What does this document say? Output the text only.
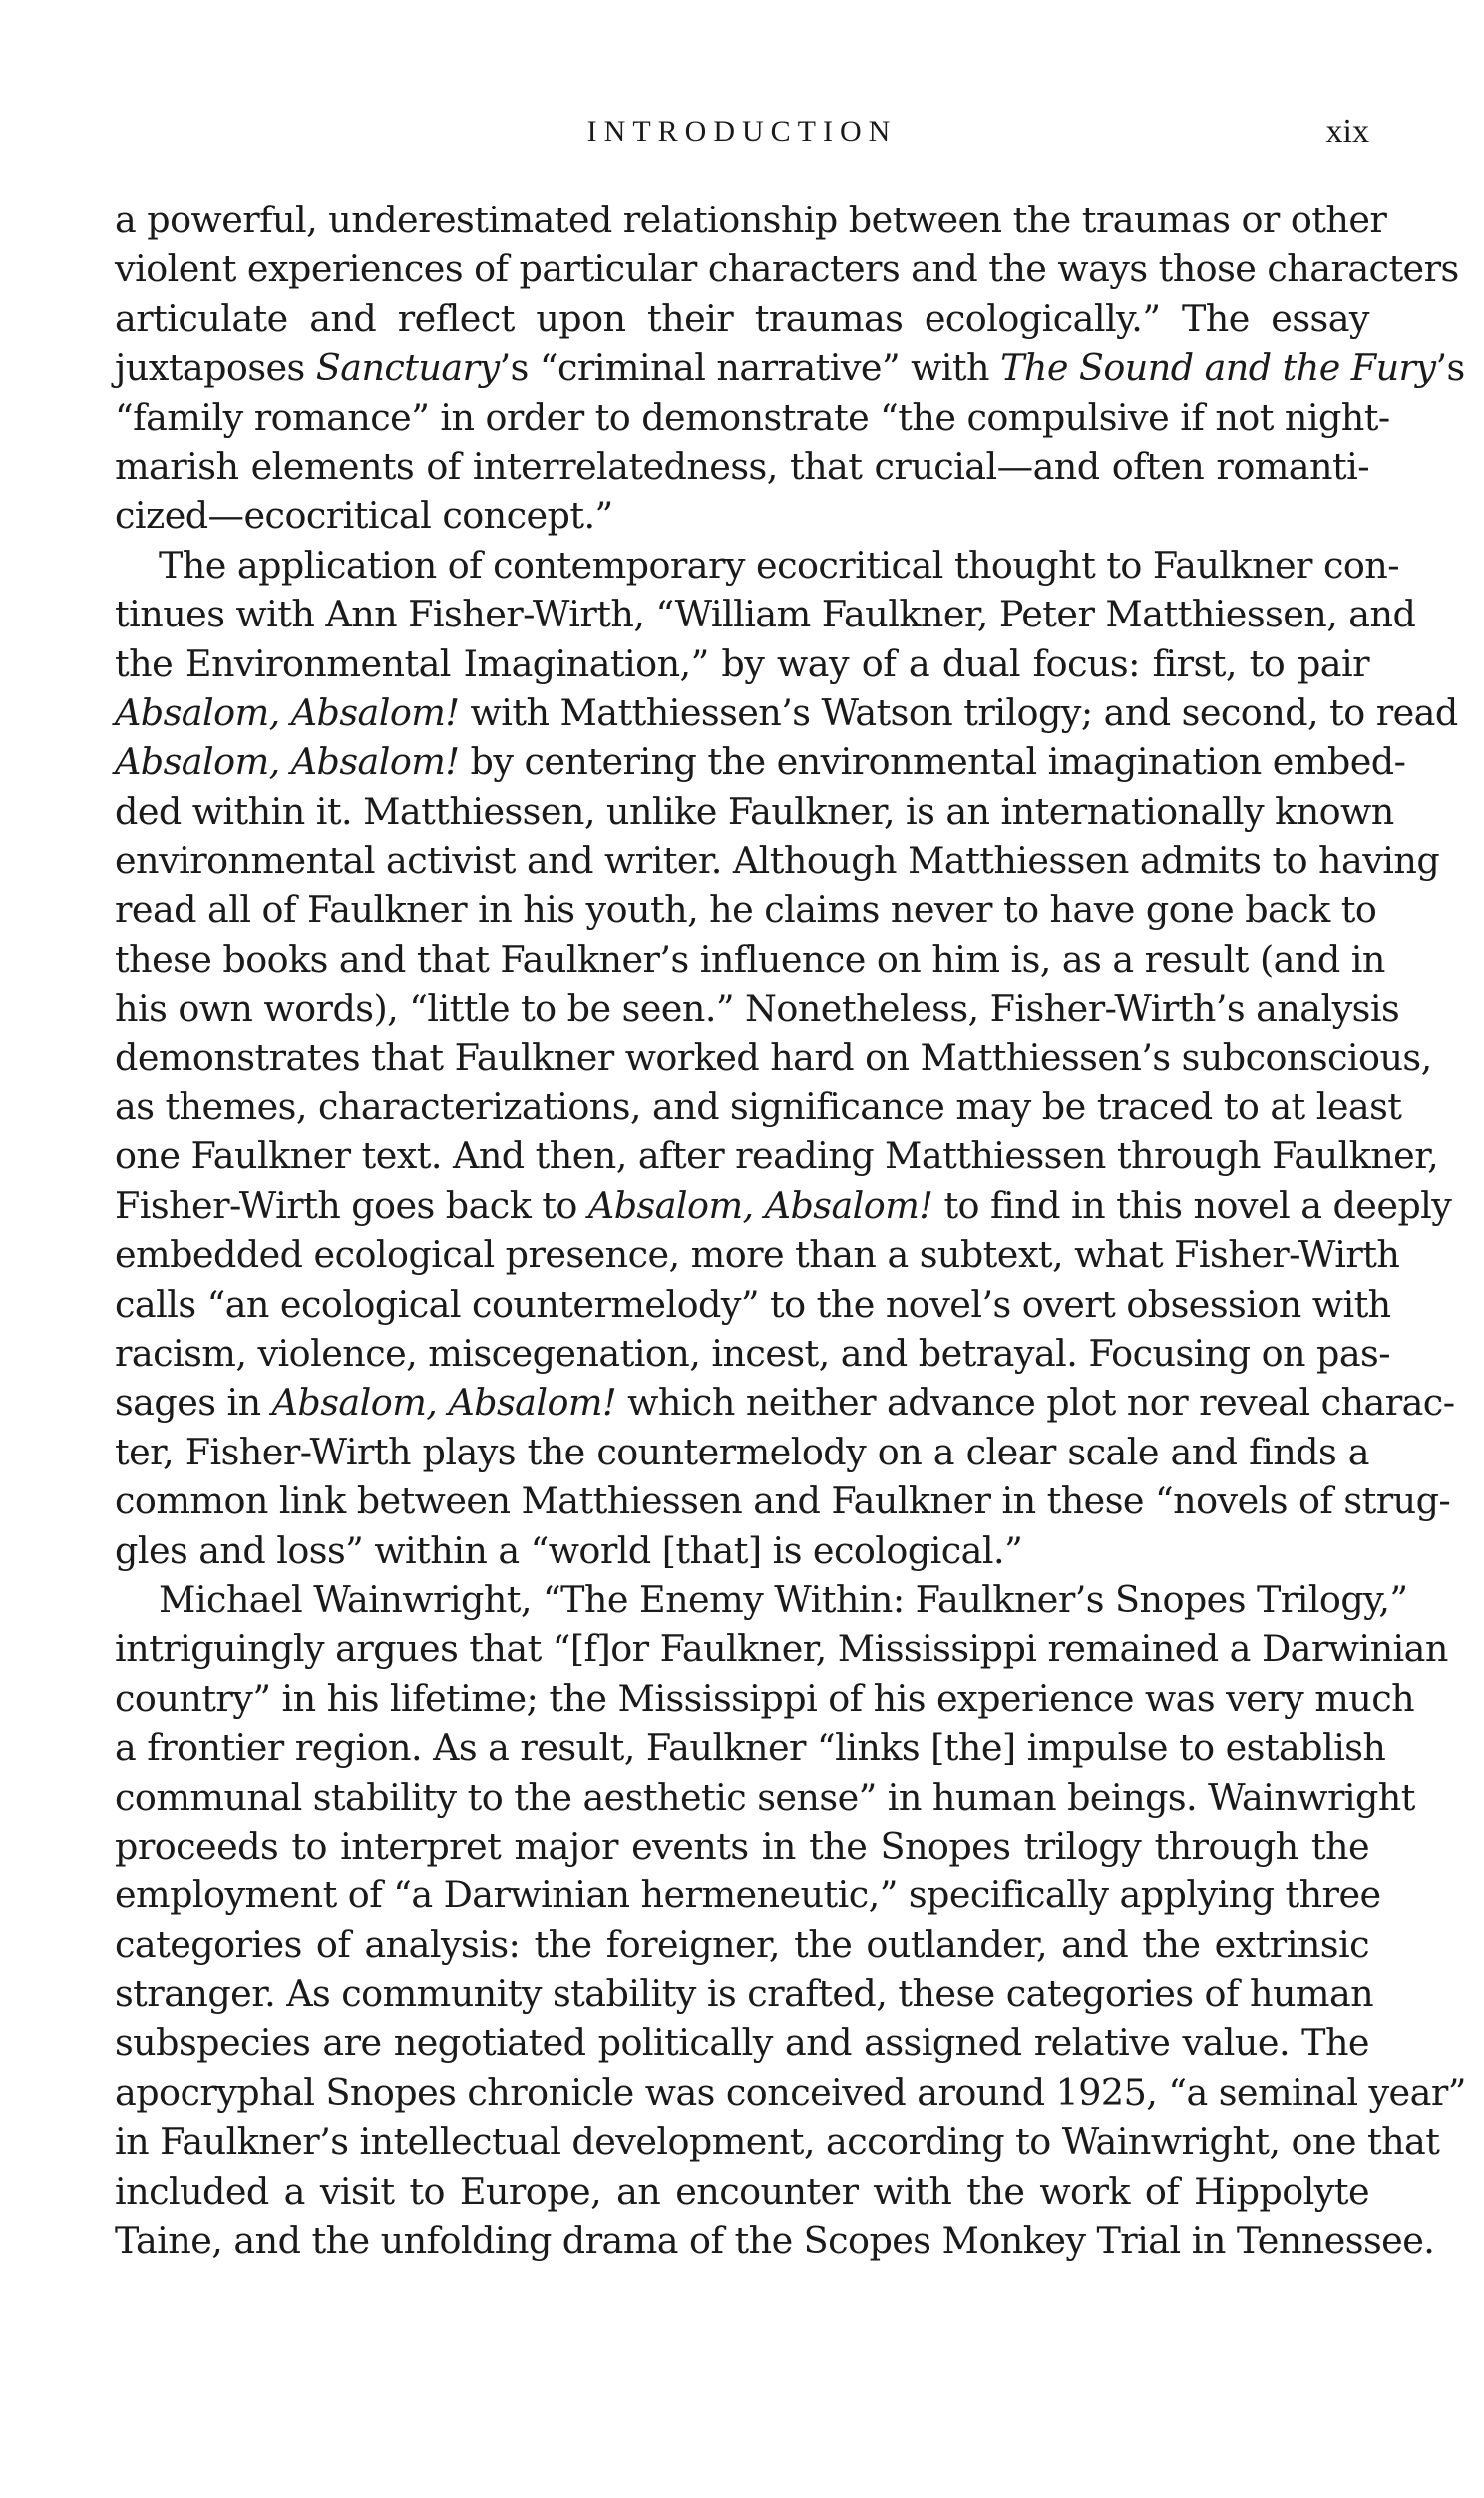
INTRODUCTION	xix
a powerful, underestimated relationship between the traumas or other
violent experiences of particular characters and the ways those characters
articulate and reflect upon their traumas ecologically.” The essay
juxtaposes Sanctuary’s “criminal narrative” with The Sound and the Fury’s
“family romance” in order to demonstrate “the compulsive if not night-
marish elements of interrelatedness, that crucial—and often romanti-
cized—ecocritical concept.”
The application of contemporary ecocritical thought to Faulkner con-
tinues with Ann Fisher-Wirth, “William Faulkner, Peter Matthiessen, and
the Environmental Imagination,” by way of a dual focus: first, to pair
Absalom, Absalom! with Matthiessen’s Watson trilogy; and second, to read
Absalom, Absalom! by centering the environmental imagination embed-
ded within it. Matthiessen, unlike Faulkner, is an internationally known
environmental activist and writer. Although Matthiessen admits to having
read all of Faulkner in his youth, he claims never to have gone back to
these books and that Faulkner’s influence on him is, as a result (and in
his own words), “little to be seen.” Nonetheless, Fisher-Wirth’s analysis
demonstrates that Faulkner worked hard on Matthiessen’s subconscious,
as themes, characterizations, and significance may be traced to at least
one Faulkner text. And then, after reading Matthiessen through Faulkner,
Fisher-Wirth goes back to Absalom, Absalom! to find in this novel a deeply
embedded ecological presence, more than a subtext, what Fisher-Wirth
calls “an ecological countermelody” to the novel’s overt obsession with
racism, violence, miscegenation, incest, and betrayal. Focusing on pas-
sages in Absalom, Absalom! which neither advance plot nor reveal charac-
ter, Fisher-Wirth plays the countermelody on a clear scale and finds a
common link between Matthiessen and Faulkner in these “novels of strug-
gles and loss” within a “world [that] is ecological.”
Michael Wainwright, “The Enemy Within: Faulkner’s Snopes Trilogy,”
intriguingly argues that “[f]or Faulkner, Mississippi remained a Darwinian
country” in his lifetime; the Mississippi of his experience was very much
a frontier region. As a result, Faulkner “links [the] impulse to establish
communal stability to the aesthetic sense” in human beings. Wainwright
proceeds to interpret major events in the Snopes trilogy through the
employment of “a Darwinian hermeneutic,” specifically applying three
categories of analysis: the foreigner, the outlander, and the extrinsic
stranger. As community stability is crafted, these categories of human
subspecies are negotiated politically and assigned relative value. The
apocryphal Snopes chronicle was conceived around 1925, “a seminal year”
in Faulkner’s intellectual development, according to Wainwright, one that
included a visit to Europe, an encounter with the work of Hippolyte
Taine, and the unfolding drama of the Scopes Monkey Trial in Tennessee.
